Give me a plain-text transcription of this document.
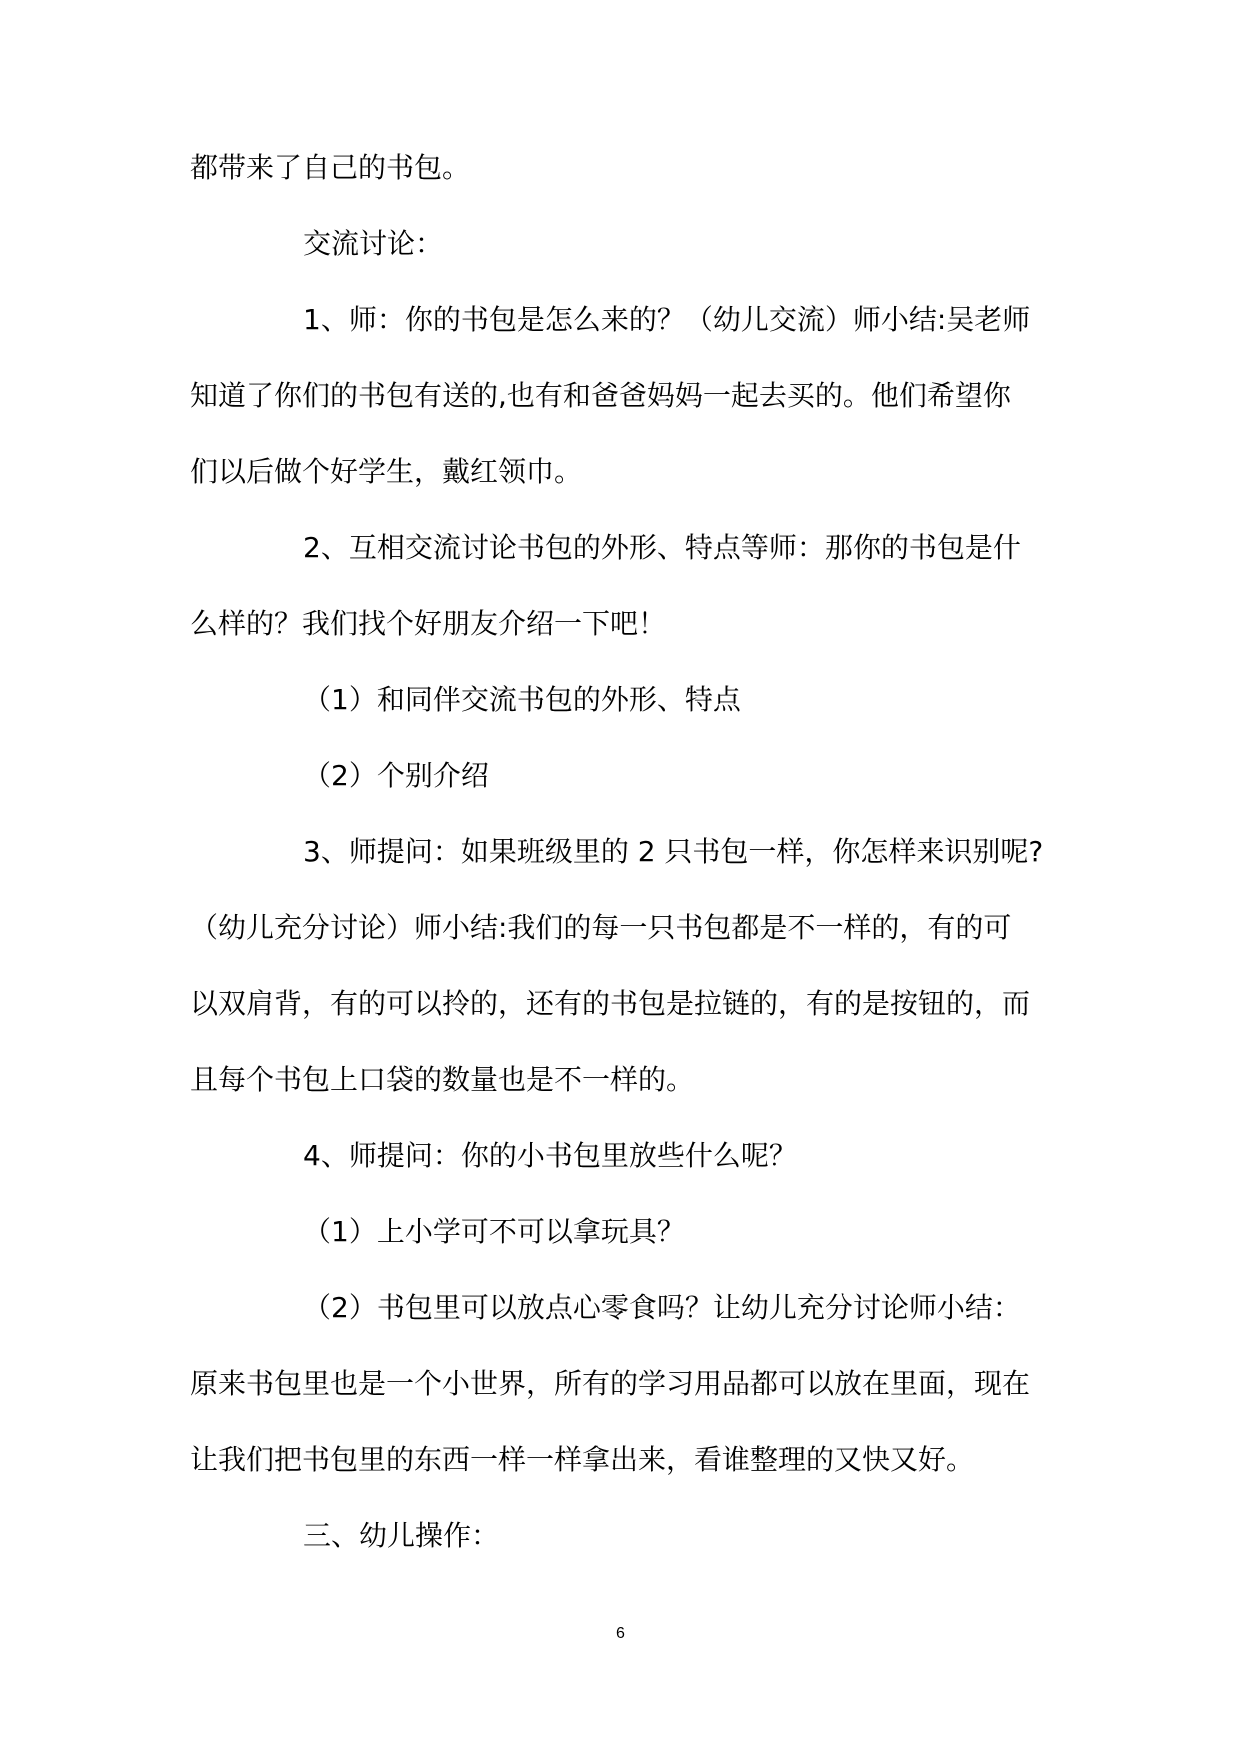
都带来了自己的书包。
交流讨论：
1、师：你的书包是怎么来的？（幼儿交流）师小结:吴老师
知道了你们的书包有送的,也有和爸爸妈妈一起去买的。他们希望你
们以后做个好学生，戴红领巾。
2、互相交流讨论书包的外形、特点等师：那你的书包是什
么样的？我们找个好朋友介绍一下吧！
（1）和同伴交流书包的外形、特点
（2）个别介绍
3、师提问：如果班级里的 2 只书包一样，你怎样来识别呢?
（幼儿充分讨论）师小结:我们的每一只书包都是不一样的，有的可
以双肩背，有的可以拎的，还有的书包是拉链的，有的是按钮的，而
且每个书包上口袋的数量也是不一样的。
4、师提问：你的小书包里放些什么呢？
（1）上小学可不可以拿玩具？
（2）书包里可以放点心零食吗？让幼儿充分讨论师小结：
原来书包里也是一个小世界，所有的学习用品都可以放在里面，现在
让我们把书包里的东西一样一样拿出来，看谁整理的又快又好。
三、幼儿操作：
6
